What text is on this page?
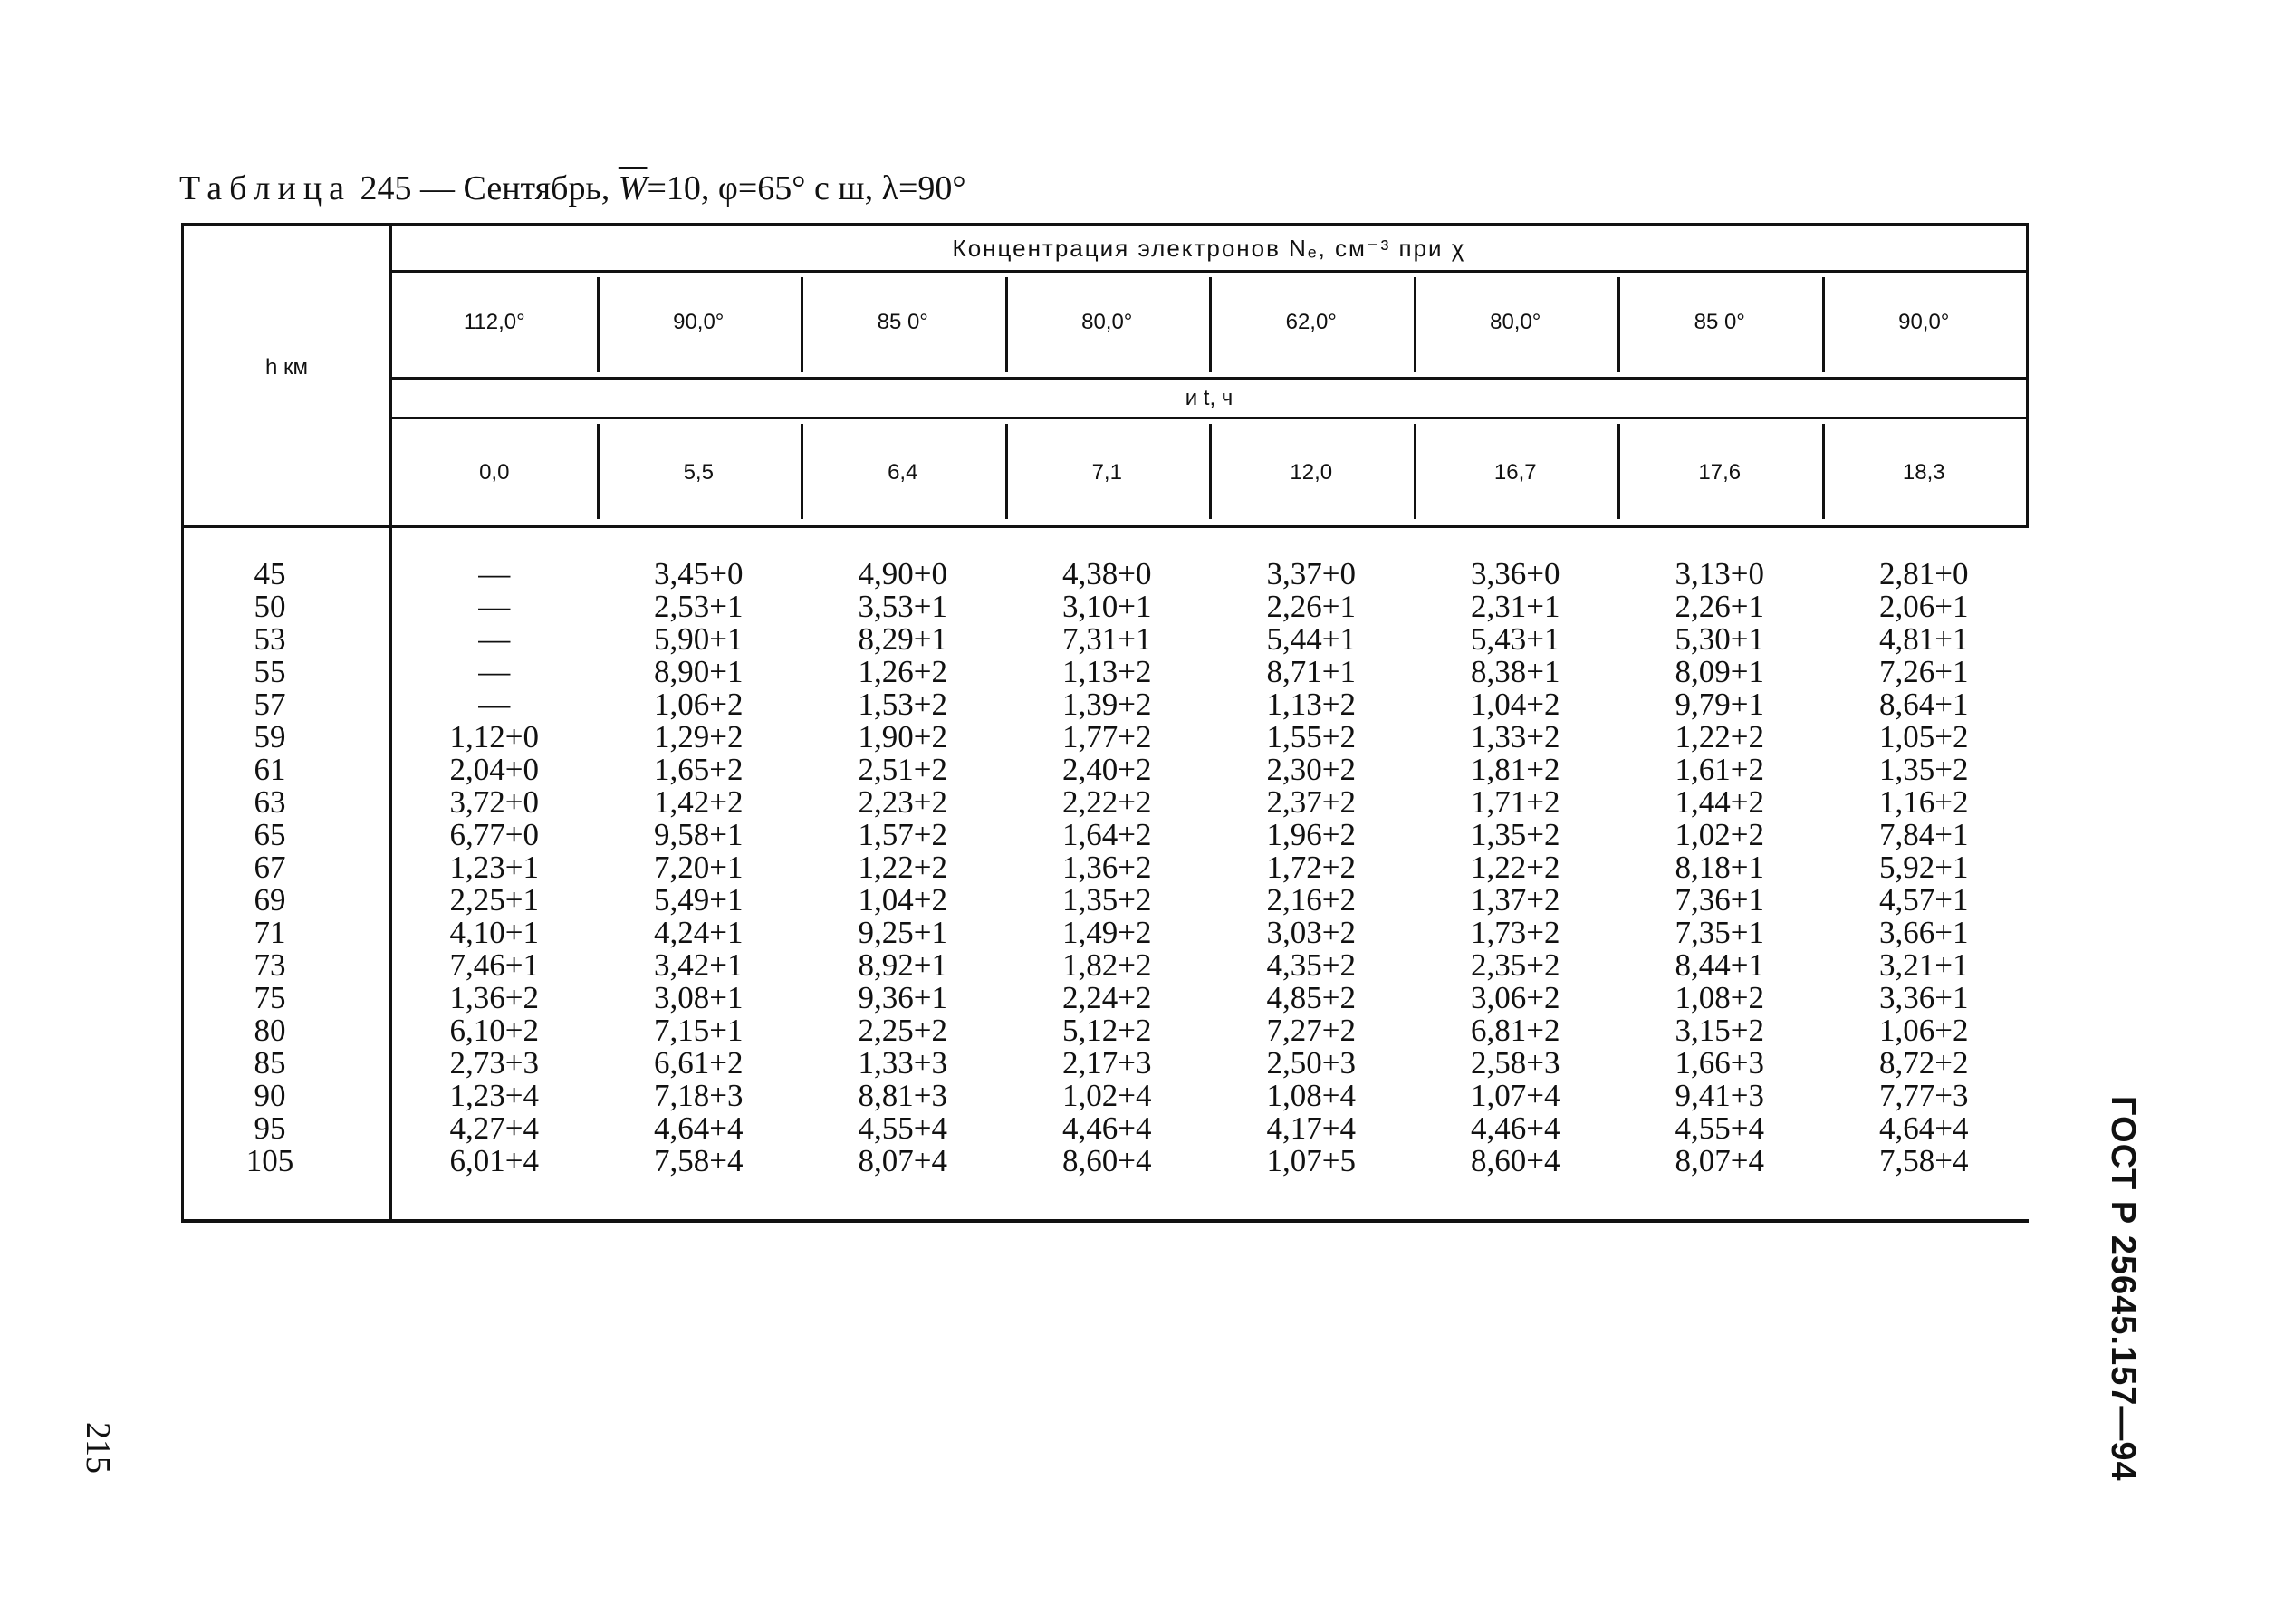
Таблица 245 — Сентябрь, $\overline{W}=10$, φ=65° с ш, λ=90°
Концентрация электронов Nₑ, см⁻³ при χ
и t, ч
h км
112,0°	90,0°	85 0°	80,0°	62,0°	80,0°	85 0°	90,0°
0,0	5,5	6,4	7,1	12,0	16,7	17,6	18,3
45	—	3,45+0	4,90+0	4,38+0	3,37+0	3,36+0	3,13+0	2,81+0
50	—	2,53+1	3,53+1	3,10+1	2,26+1	2,31+1	2,26+1	2,06+1
53	—	5,90+1	8,29+1	7,31+1	5,44+1	5,43+1	5,30+1	4,81+1
55	—	8,90+1	1,26+2	1,13+2	8,71+1	8,38+1	8,09+1	7,26+1
57	—	1,06+2	1,53+2	1,39+2	1,13+2	1,04+2	9,79+1	8,64+1
59	1,12+0	1,29+2	1,90+2	1,77+2	1,55+2	1,33+2	1,22+2	1,05+2
61	2,04+0	1,65+2	2,51+2	2,40+2	2,30+2	1,81+2	1,61+2	1,35+2
63	3,72+0	1,42+2	2,23+2	2,22+2	2,37+2	1,71+2	1,44+2	1,16+2
65	6,77+0	9,58+1	1,57+2	1,64+2	1,96+2	1,35+2	1,02+2	7,84+1
67	1,23+1	7,20+1	1,22+2	1,36+2	1,72+2	1,22+2	8,18+1	5,92+1
69	2,25+1	5,49+1	1,04+2	1,35+2	2,16+2	1,37+2	7,36+1	4,57+1
71	4,10+1	4,24+1	9,25+1	1,49+2	3,03+2	1,73+2	7,35+1	3,66+1
73	7,46+1	3,42+1	8,92+1	1,82+2	4,35+2	2,35+2	8,44+1	3,21+1
75	1,36+2	3,08+1	9,36+1	2,24+2	4,85+2	3,06+2	1,08+2	3,36+1
80	6,10+2	7,15+1	2,25+2	5,12+2	7,27+2	6,81+2	3,15+2	1,06+2
85	2,73+3	6,61+2	1,33+3	2,17+3	2,50+3	2,58+3	1,66+3	8,72+2
90	1,23+4	7,18+3	8,81+3	1,02+4	1,08+4	1,07+4	9,41+3	7,77+3
95	4,27+4	4,64+4	4,55+4	4,46+4	4,17+4	4,46+4	4,55+4	4,64+4
105	6,01+4	7,58+4	8,07+4	8,60+4	1,07+5	8,60+4	8,07+4	7,58+4
215	ГОСТ Р 25645.157—94
